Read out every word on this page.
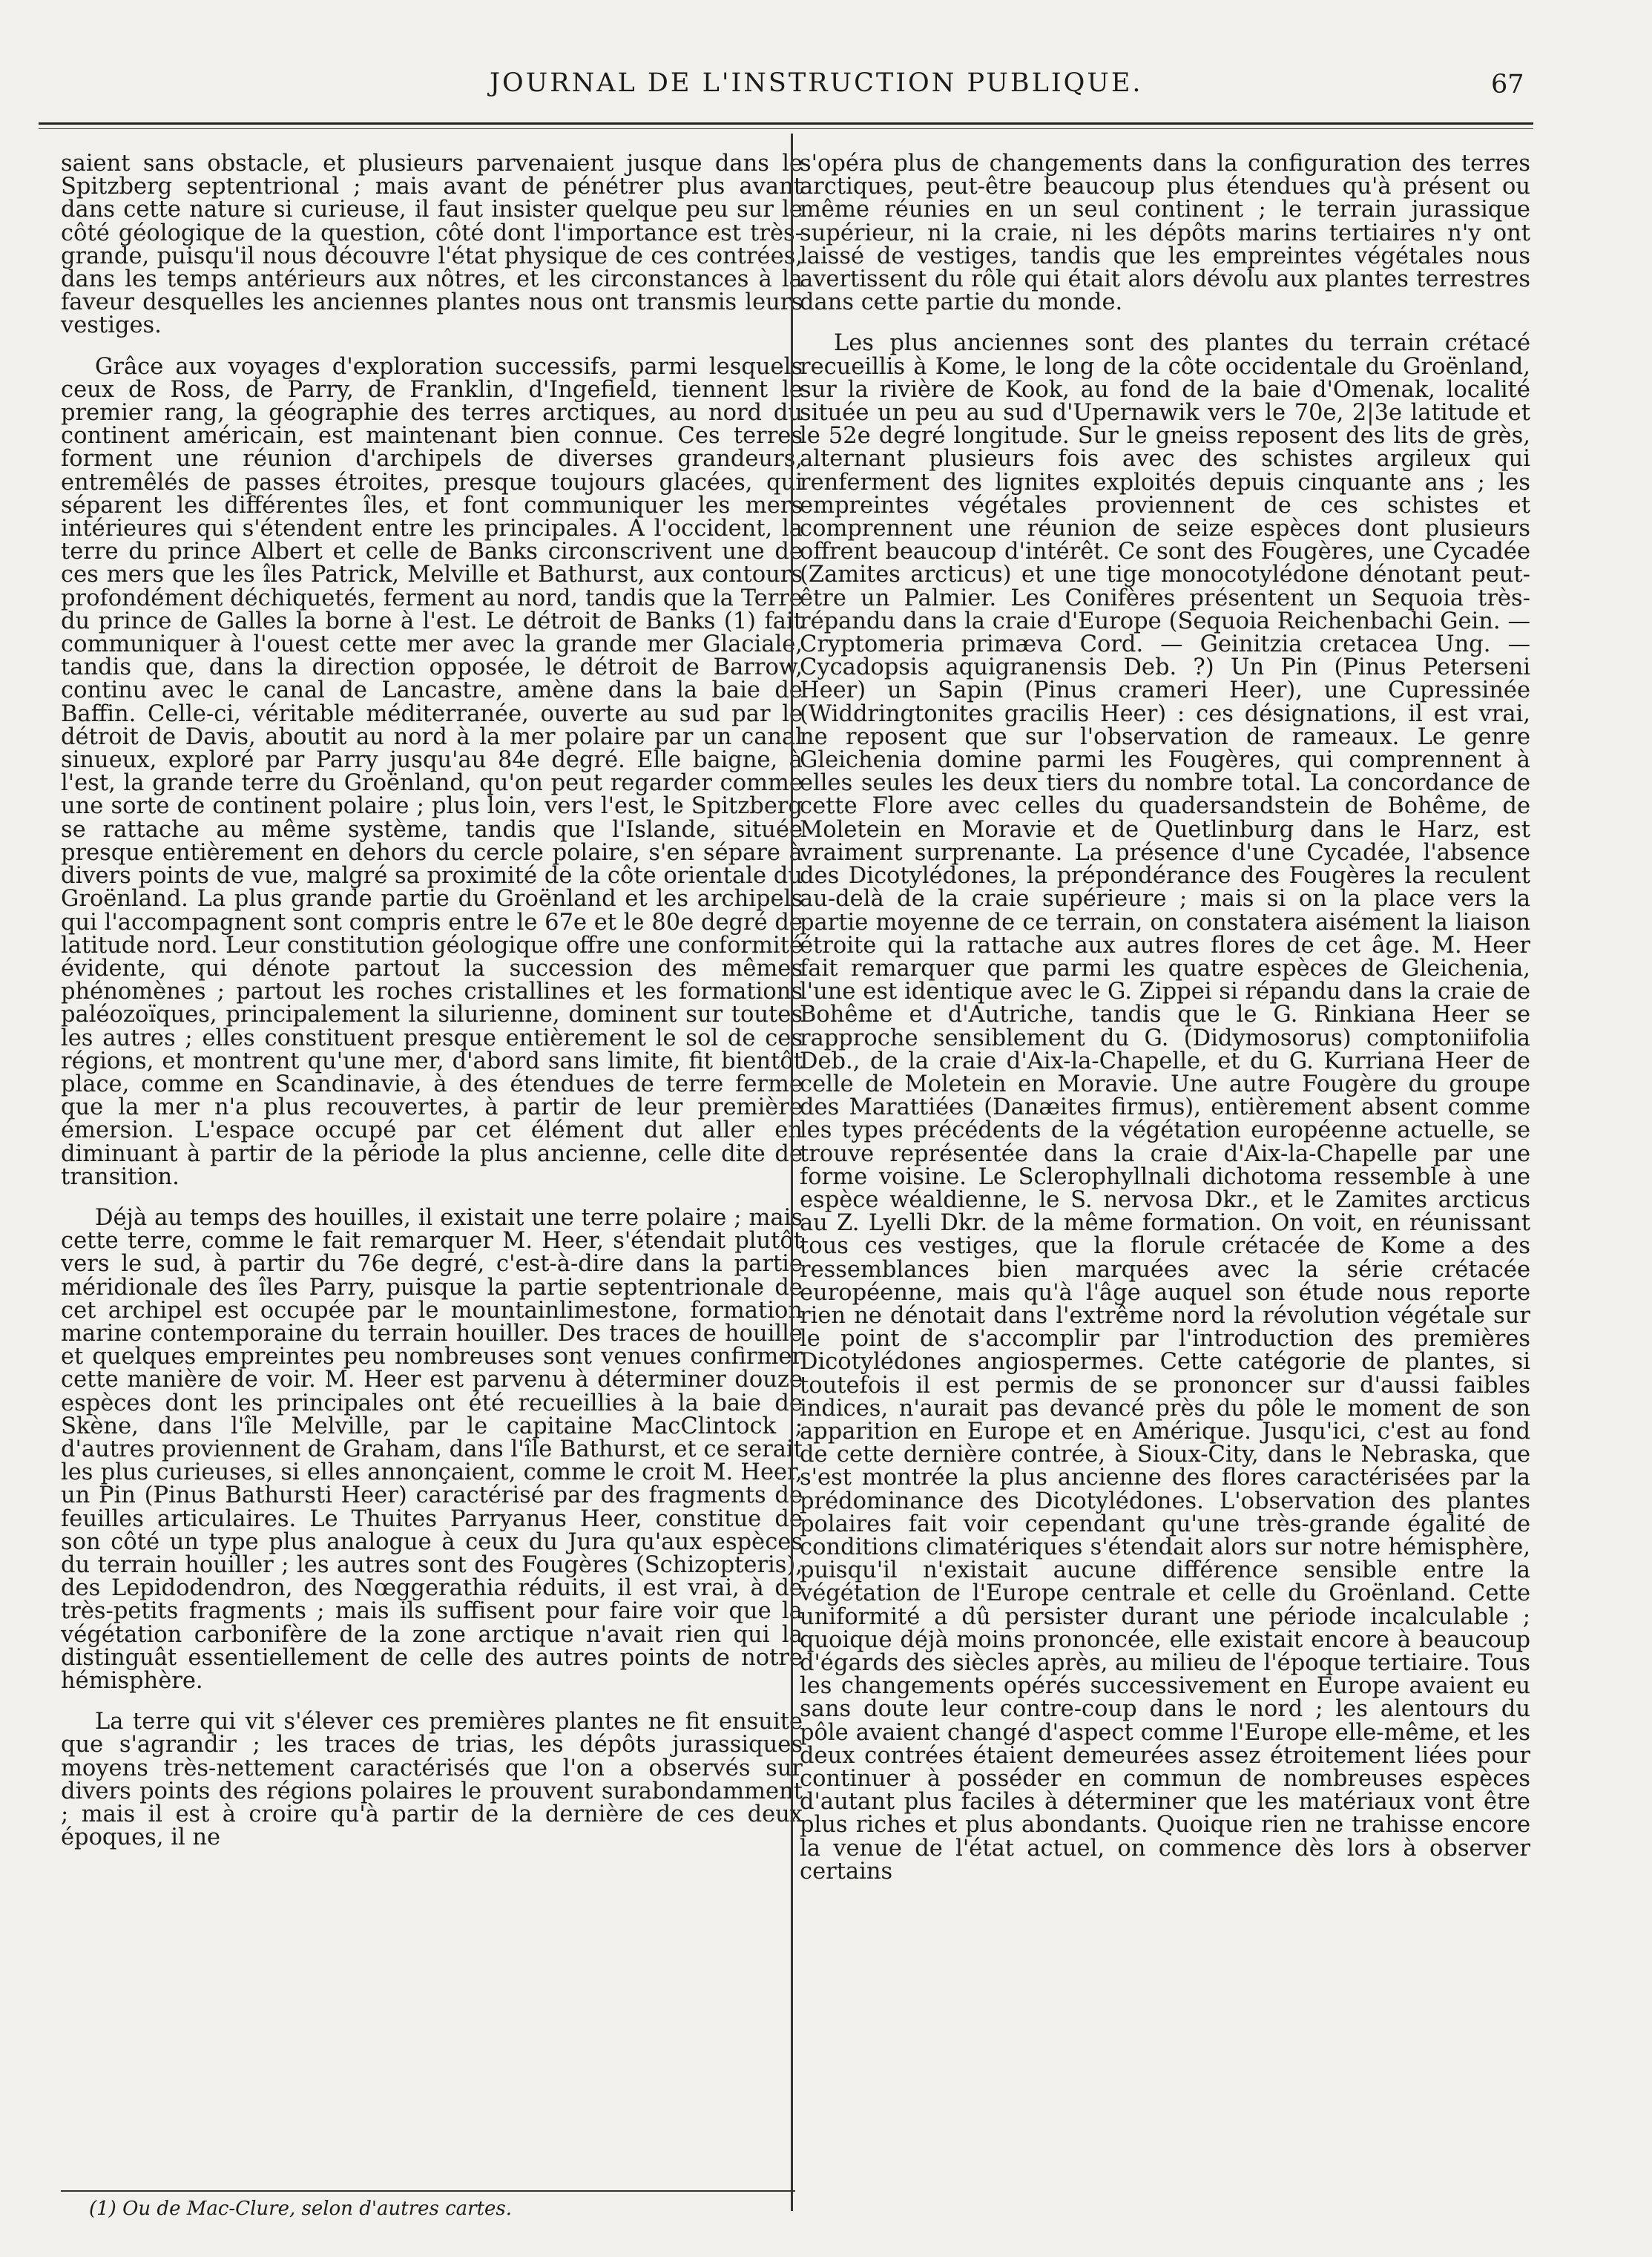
JOURNAL DE L'INSTRUCTION PUBLIQUE.	67

saient sans obstacle, et plusieurs parvenaient jusque dans le Spitzberg septentrional ; mais avant de pénétrer plus avant dans cette nature si curieuse, il faut insister quelque peu sur le côté géologique de la question, côté dont l'importance est très-grande, puisqu'il nous découvre l'état physique de ces contrées, dans les temps antérieurs aux nôtres, et les circonstances à la faveur desquelles les anciennes plantes nous ont transmis leurs vestiges.

Grâce aux voyages d'exploration successifs, parmi lesquels ceux de Ross, de Parry, de Franklin, d'Ingefield, tiennent le premier rang, la géographie des terres arctiques, au nord du continent américain, est maintenant bien connue. Ces terres forment une réunion d'archipels de diverses grandeurs, entremêlés de passes étroites, presque toujours glacées, qui séparent les différentes îles, et font communiquer les mers intérieures qui s'étendent entre les principales. A l'occident, la terre du prince Albert et celle de Banks circonscrivent une de ces mers que les îles Patrick, Melville et Bathurst, aux contours profondément déchiquetés, ferment au nord, tandis que la Terre du prince de Galles la borne à l'est. Le détroit de Banks (1) fait communiquer à l'ouest cette mer avec la grande mer Glaciale, tandis que, dans la direction opposée, le détroit de Barrow, continu avec le canal de Lancastre, amène dans la baie de Baffin. Celle-ci, véritable méditerranée, ouverte au sud par le détroit de Davis, aboutit au nord à la mer polaire par un canal sinueux, exploré par Parry jusqu'au 84e degré. Elle baigne, à l'est, la grande terre du Groënland, qu'on peut regarder comme une sorte de continent polaire ; plus loin, vers l'est, le Spitzberg se rattache au même système, tandis que l'Islande, située presque entièrement en dehors du cercle polaire, s'en sépare à divers points de vue, malgré sa proximité de la côte orientale du Groënland. La plus grande partie du Groënland et les archipels qui l'accompagnent sont compris entre le 67e et le 80e degré de latitude nord. Leur constitution géologique offre une conformité évidente, qui dénote partout la succession des mêmes phénomènes ; partout les roches cristallines et les formations paléozoïques, principalement la silurienne, dominent sur toutes les autres ; elles constituent presque entièrement le sol de ces régions, et montrent qu'une mer, d'abord sans limite, fit bientôt place, comme en Scandinavie, à des étendues de terre ferme que la mer n'a plus recouvertes, à partir de leur première émersion. L'espace occupé par cet élément dut aller en diminuant à partir de la période la plus ancienne, celle dite de transition.

Déjà au temps des houilles, il existait une terre polaire ; mais cette terre, comme le fait remarquer M. Heer, s'étendait plutôt vers le sud, à partir du 76e degré, c'est-à-dire dans la partie méridionale des îles Parry, puisque la partie septentrionale de cet archipel est occupée par le mountainlimestone, formation marine contemporaine du terrain houiller. Des traces de houille et quelques empreintes peu nombreuses sont venues confirmer cette manière de voir. M. Heer est parvenu à déterminer douze espèces dont les principales ont été recueillies à la baie de Skène, dans l'île Melville, par le capitaine MacClintock ; d'autres proviennent de Graham, dans l'île Bathurst, et ce serait les plus curieuses, si elles annonçaient, comme le croit M. Heer, un Pin (Pinus Bathursti Heer) caractérisé par des fragments de feuilles articulaires. Le Thuites Parryanus Heer, constitue de son côté un type plus analogue à ceux du Jura qu'aux espèces du terrain houiller ; les autres sont des Fougères (Schizopteris), des Lepidodendron, des Nœggerathia réduits, il est vrai, à de très-petits fragments ; mais ils suffisent pour faire voir que la végétation carbonifère de la zone arctique n'avait rien qui la distinguât essentiellement de celle des autres points de notre hémisphère.

La terre qui vit s'élever ces premières plantes ne fit ensuite que s'agrandir ; les traces de trias, les dépôts jurassiques moyens très-nettement caractérisés que l'on a observés sur divers points des régions polaires le prouvent surabondamment ; mais il est à croire qu'à partir de la dernière de ces deux époques, il ne

s'opéra plus de changements dans la configuration des terres arctiques, peut-être beaucoup plus étendues qu'à présent ou même réunies en un seul continent ; le terrain jurassique supérieur, ni la craie, ni les dépôts marins tertiaires n'y ont laissé de vestiges, tandis que les empreintes végétales nous avertissent du rôle qui était alors dévolu aux plantes terrestres dans cette partie du monde.

Les plus anciennes sont des plantes du terrain crétacé recueillis à Kome, le long de la côte occidentale du Groënland, sur la rivière de Kook, au fond de la baie d'Omenak, localité située un peu au sud d'Upernawik vers le 70e, 2|3e latitude et le 52e degré longitude. Sur le gneiss reposent des lits de grès, alternant plusieurs fois avec des schistes argileux qui renferment des lignites exploités depuis cinquante ans ; les empreintes végétales proviennent de ces schistes et comprennent une réunion de seize espèces dont plusieurs offrent beaucoup d'intérêt. Ce sont des Fougères, une Cycadée (Zamites arcticus) et une tige monocotylédone dénotant peut-être un Palmier. Les Conifères présentent un Sequoia très-répandu dans la craie d'Europe (Sequoia Reichenbachi Gein. — Cryptomeria primæva Cord. — Geinitzia cretacea Ung. — Cycadopsis aquigranensis Deb. ?) Un Pin (Pinus Peterseni Heer) un Sapin (Pinus crameri Heer), une Cupressinée (Widdringtonites gracilis Heer) : ces désignations, il est vrai, ne reposent que sur l'observation de rameaux. Le genre Gleichenia domine parmi les Fougères, qui comprennent à elles seules les deux tiers du nombre total. La concordance de cette Flore avec celles du quadersandstein de Bohême, de Moletein en Moravie et de Quetlinburg dans le Harz, est vraiment surprenante. La présence d'une Cycadée, l'absence des Dicotylédones, la prépondérance des Fougères la reculent au-delà de la craie supérieure ; mais si on la place vers la partie moyenne de ce terrain, on constatera aisément la liaison étroite qui la rattache aux autres flores de cet âge. M. Heer fait remarquer que parmi les quatre espèces de Gleichenia, l'une est identique avec le G. Zippei si répandu dans la craie de Bohême et d'Autriche, tandis que le G. Rinkiana Heer se rapproche sensiblement du G. (Didymosorus) comptoniifolia Deb., de la craie d'Aix-la-Chapelle, et du G. Kurriana Heer de celle de Moletein en Moravie. Une autre Fougère du groupe des Marattiées (Danæites firmus), entièrement absent comme les types précédents de la végétation européenne actuelle, se trouve représentée dans la craie d'Aix-la-Chapelle par une forme voisine. Le Sclerophyllnali dichotoma ressemble à une espèce wéaldienne, le S. nervosa Dkr., et le Zamites arcticus au Z. Lyelli Dkr. de la même formation. On voit, en réunissant tous ces vestiges, que la florule crétacée de Kome a des ressemblances bien marquées avec la série crétacée européenne, mais qu'à l'âge auquel son étude nous reporte rien ne dénotait dans l'extrême nord la révolution végétale sur le point de s'accomplir par l'introduction des premières Dicotylédones angiospermes. Cette catégorie de plantes, si toutefois il est permis de se prononcer sur d'aussi faibles indices, n'aurait pas devancé près du pôle le moment de son apparition en Europe et en Amérique. Jusqu'ici, c'est au fond de cette dernière contrée, à Sioux-City, dans le Nebraska, que s'est montrée la plus ancienne des flores caractérisées par la prédominance des Dicotylédones. L'observation des plantes polaires fait voir cependant qu'une très-grande égalité de conditions climatériques s'étendait alors sur notre hémisphère, puisqu'il n'existait aucune différence sensible entre la végétation de l'Europe centrale et celle du Groënland. Cette uniformité a dû persister durant une période incalculable ; quoique déjà moins prononcée, elle existait encore à beaucoup d'égards des siècles après, au milieu de l'époque tertiaire. Tous les changements opérés successivement en Europe avaient eu sans doute leur contre-coup dans le nord ; les alentours du pôle avaient changé d'aspect comme l'Europe elle-même, et les deux contrées étaient demeurées assez étroitement liées pour continuer à posséder en commun de nombreuses espèces d'autant plus faciles à déterminer que les matériaux vont être plus riches et plus abondants. Quoique rien ne trahisse encore la venue de l'état actuel, on commence dès lors à observer certains

(1) Ou de Mac-Clure, selon d'autres cartes.
